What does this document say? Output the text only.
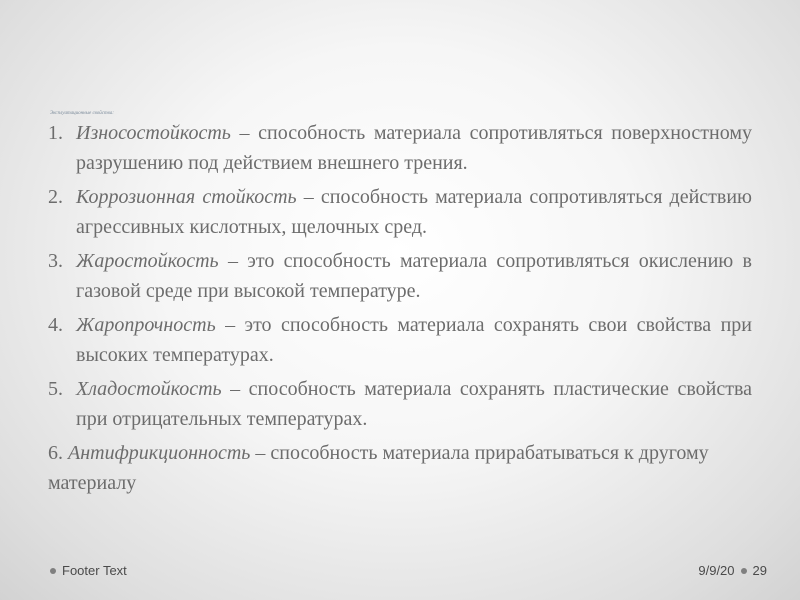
Эксплуатационные свойства:
1. Износостойкость – способность материала сопротивляться поверхностному разрушению под действием внешнего трения.
2. Коррозионная стойкость – способность материала сопротивляться действию агрессивных кислотных, щелочных сред.
3. Жаростойкость – это способность материала сопротивляться окислению в газовой среде при высокой температуре.
4. Жаропрочность – это способность материала сохранять свои свойства при высоких температурах.
5. Хладостойкость – способность материала сохранять пластические свойства при отрицательных температурах.
6. Антифрикционность – способность материала прирабатываться к другому материалу
Footer Text	9/9/20 29
